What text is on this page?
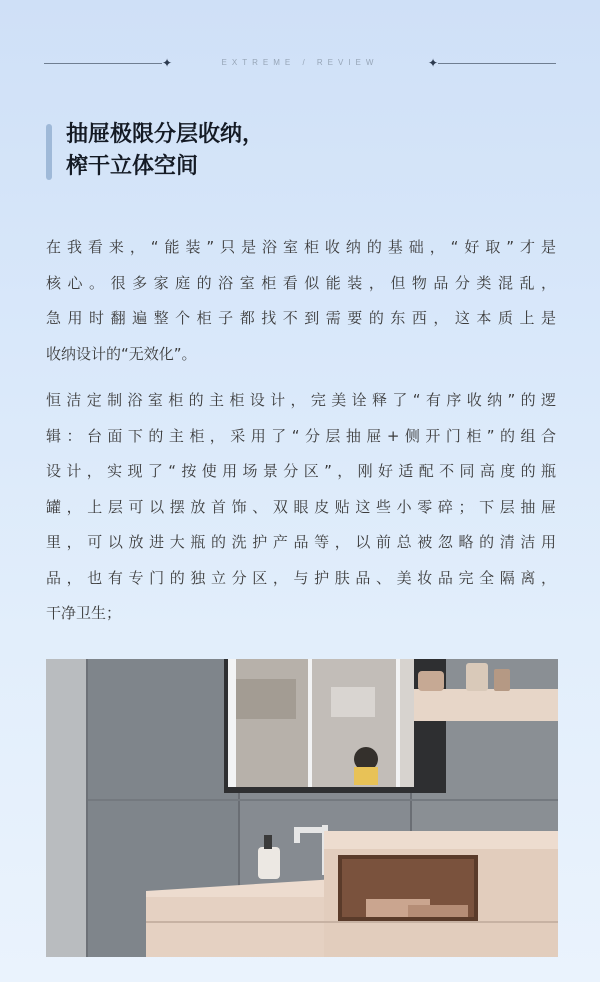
✦	EXTREME / REVIEW	✦
抽屉极限分层收纳，
榨干立体空间
在我看来，“能装”只是浴室柜收纳的基础，“好取”才是
核心。很多家庭的浴室柜看似能装，但物品分类混乱，
急用时翻遍整个柜子都找不到需要的东西，这本质上是
收纳设计的“无效化”。
恒洁定制浴室柜的主柜设计，完美诠释了“有序收纳”的逻
辑：台面下的主柜，采用了“分层抽屉+侧开门柜”的组合
设计，实现了“按使用场景分区”，刚好适配不同高度的瓶
罐，上层可以摆放首饰、双眼皮贴这些小零碎；下层抽屉
里，可以放进大瓶的洗护产品等，以前总被忽略的清洁用
品，也有专门的独立分区，与护肤品、美妆品完全隔离，
干净卫生；
